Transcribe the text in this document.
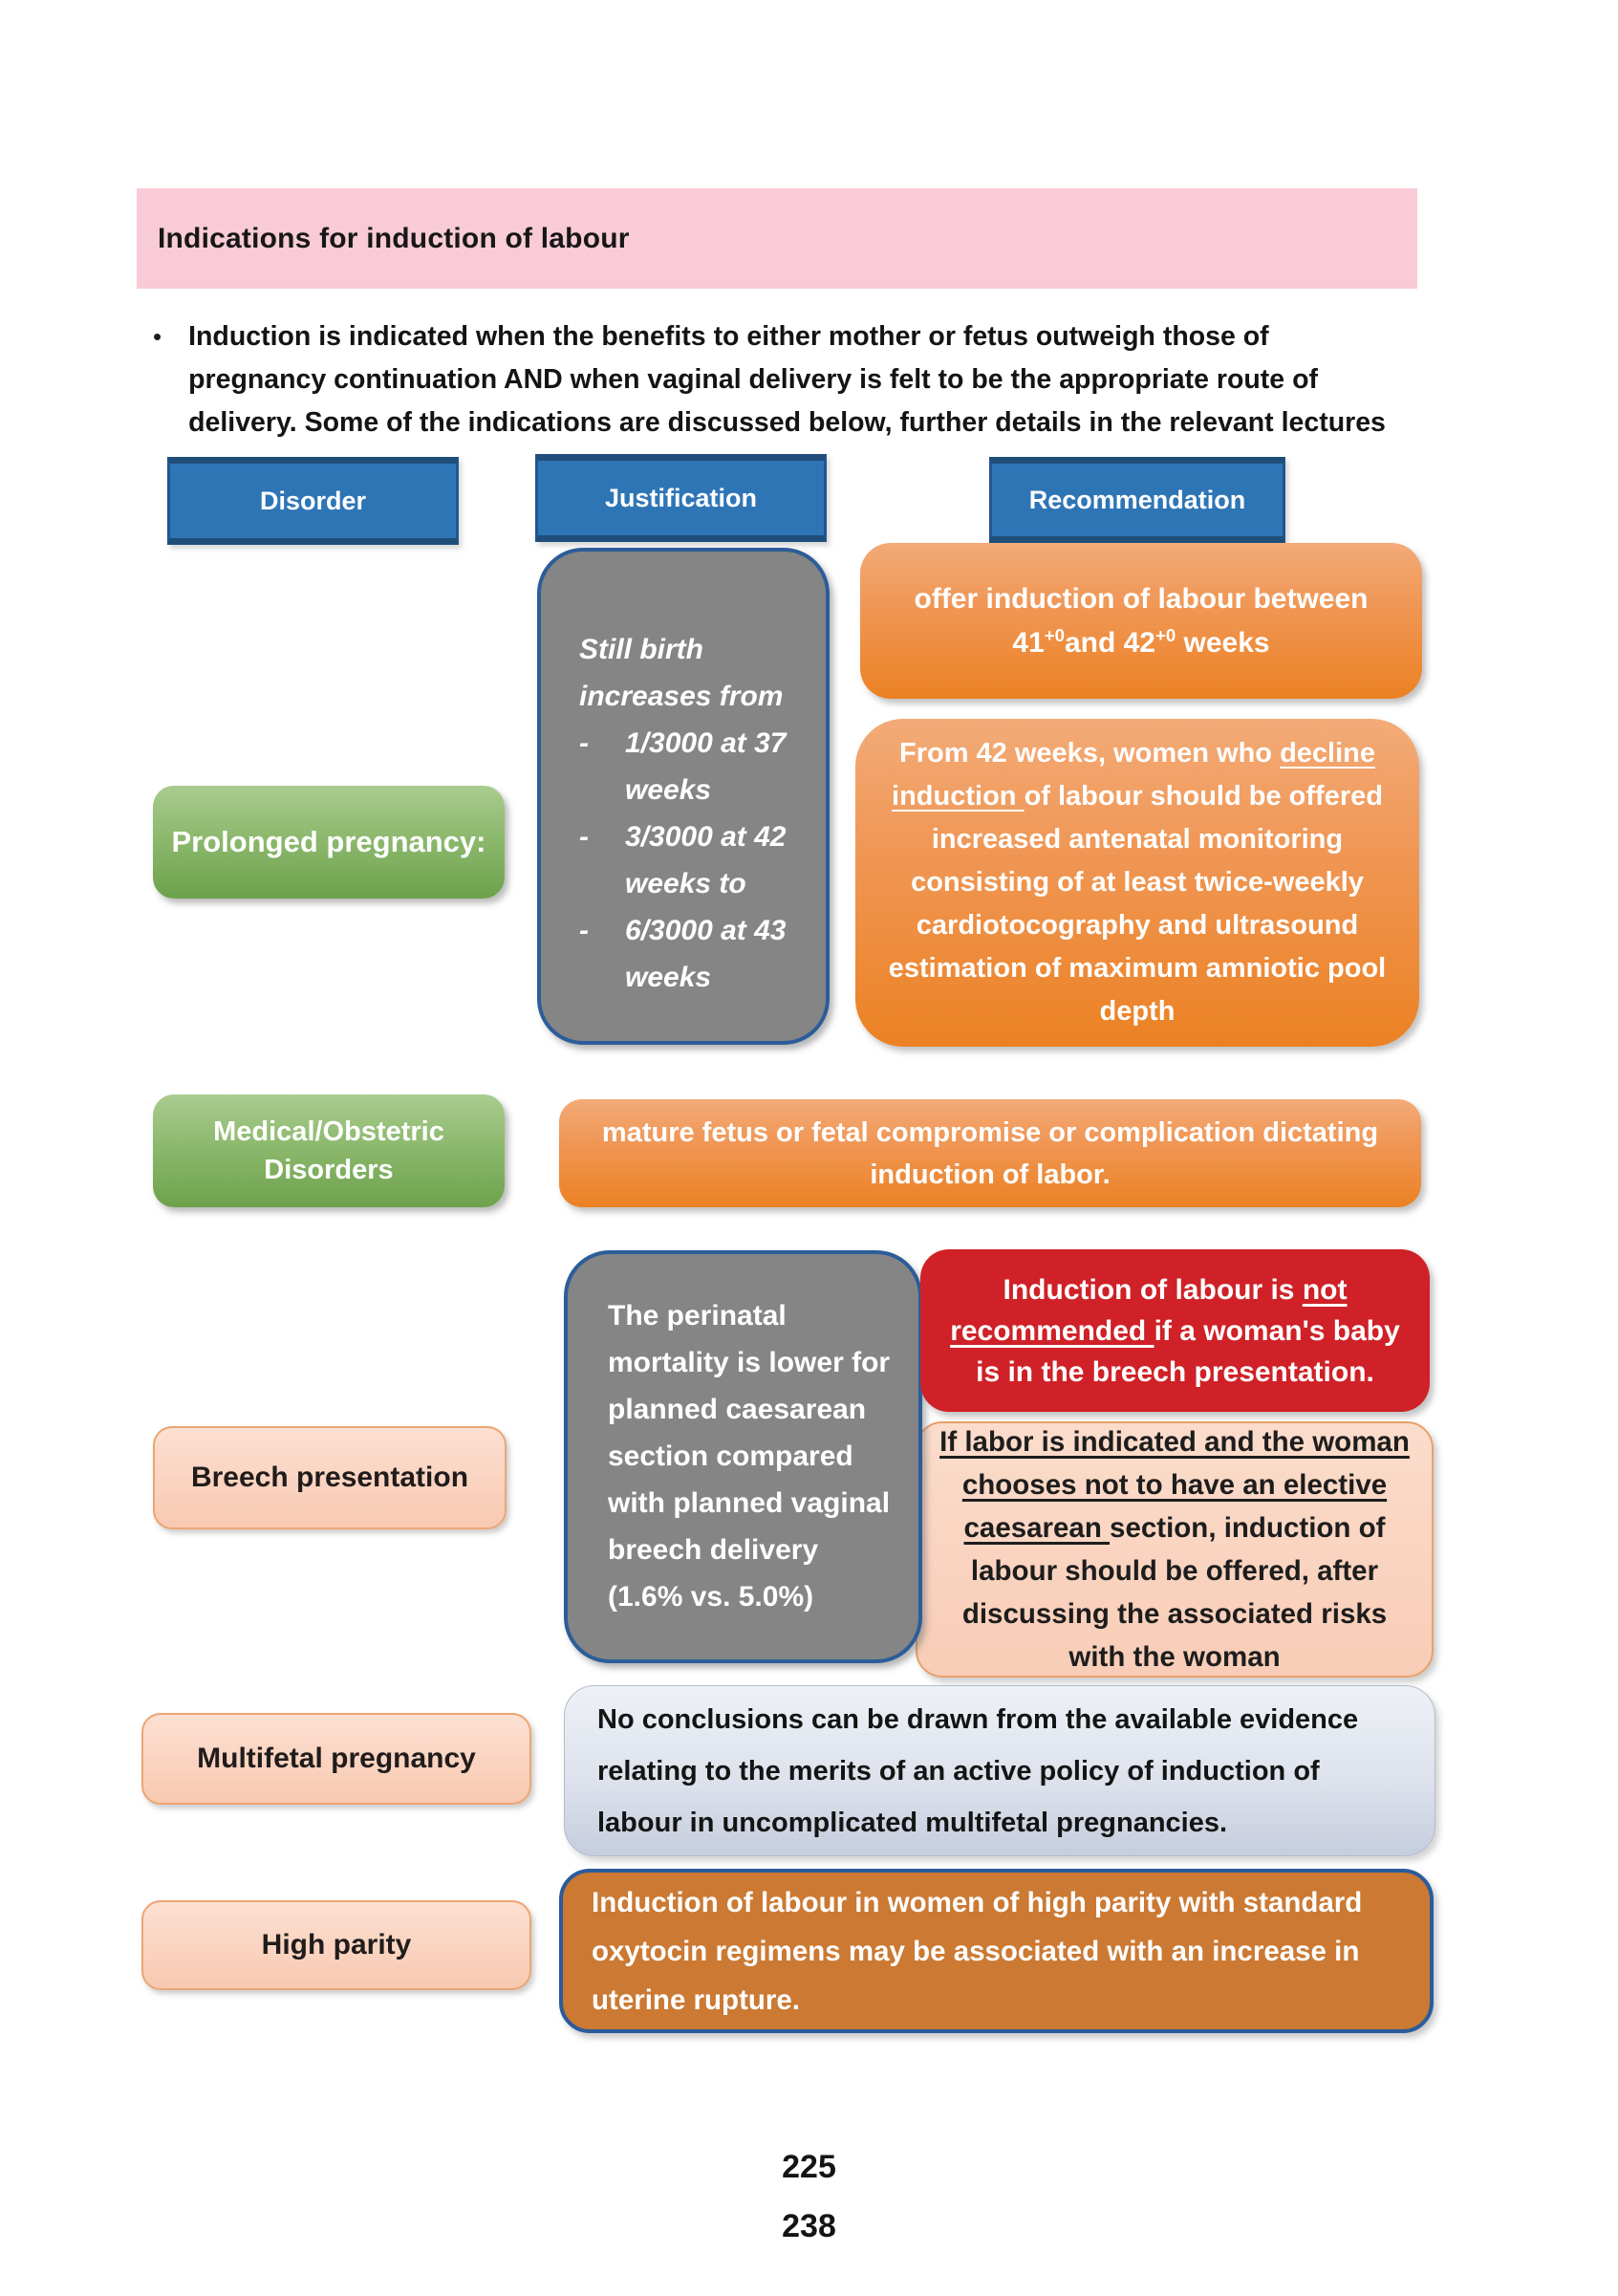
Indications for induction of labour
• Induction is indicated when the benefits to either mother or fetus outweigh those of pregnancy continuation AND when vaginal delivery is felt to be the appropriate route of delivery. Some of the indications are discussed below, further details in the relevant lectures

Disorder	Justification	Recommendation
Still birth increases from
- 1/3000 at 37 weeks
- 3/3000 at 42 weeks to
- 6/3000 at 43 weeks
offer induction of labour between
$41^{+0}and$ $42^{+0}$ weeks
From 42 weeks, women who decline induction of labour should be offered increased antenatal monitoring consisting of at least twice-weekly cardiotocography and ultrasound estimation of maximum amniotic pool depth
Prolonged pregnancy:
Medical/Obstetric Disorders
mature fetus or fetal compromise or complication dictating induction of labor.
The perinatal mortality is lower for planned caesarean section compared with planned vaginal breech delivery (1.6% vs. 5.0%)
Induction of labour is not recommended if a woman's baby is in the breech presentation.
If labor is indicated and the woman chooses not to have an elective caesarean section, induction of labour should be offered, after discussing the associated risks with the woman
Breech presentation
Multifetal pregnancy
No conclusions can be drawn from the available evidence relating to the merits of an active policy of induction of labour in uncomplicated multifetal pregnancies.
High parity
Induction of labour in women of high parity with standard oxytocin regimens may be associated with an increase in uterine rupture.
225
238
